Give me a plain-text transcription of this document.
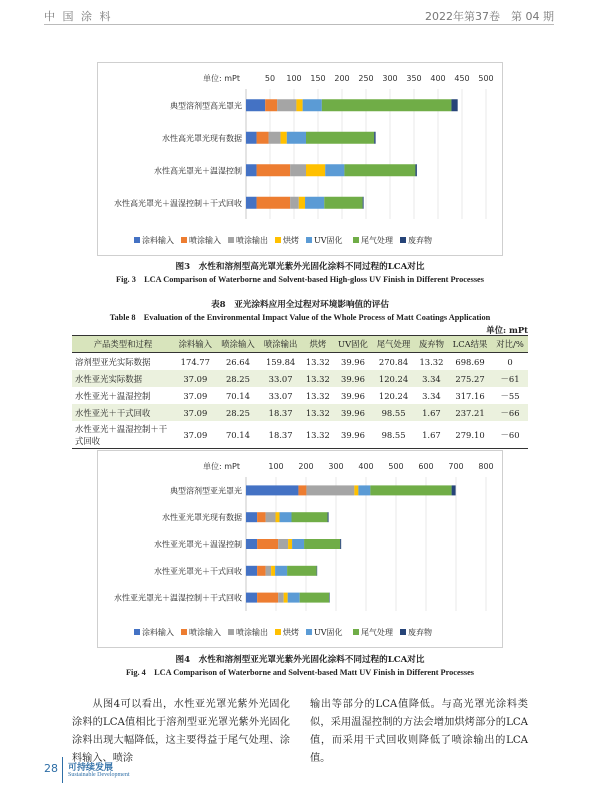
中 国 涂 料	2022年第37卷　第 04 期
单位: mPt	50 100 150 200 250 300 350 400 450 500
典型溶剂型高光罩光
水性高光罩光现有数据
水性高光罩光＋温湿控制
水性高光罩光＋温湿控制＋干式回收
涂料输入 喷涂输入 喷涂输出 烘烤 UV固化 尾气处理 废弃物
图3　水性和溶剂型高光罩光紫外光固化涂料不同过程的LCA对比
Fig. 3　LCA Comparison of Waterborne and Solvent-based High-gloss UV Finish in Different Processes
表8　亚光涂料应用全过程对环境影响值的评估
Table 8　Evaluation of the Environmental Impact Value of the Whole Process of Matt Coatings Application
单位: mPt
产品类型和过程	涂料输入	喷涂输入	喷涂输出	烘烤	UV固化	尾气处理	废弃物	LCA结果	对比/%
溶剂型亚光实际数据	174.77	26.64	159.84	13.32	39.96	270.84	13.32	698.69	0
水性亚光实际数据	37.09	28.25	33.07	13.32	39.96	120.24	3.34	275.27	－61
水性亚光＋温湿控制	37.09	70.14	33.07	13.32	39.96	120.24	3.34	317.16	－55
水性亚光＋干式回收	37.09	28.25	18.37	13.32	39.96	98.55	1.67	237.21	－66
水性亚光＋温湿控制＋干式回收	37.09	70.14	18.37	13.32	39.96	98.55	1.67	279.10	－60
单位: mPt	100 200 300 400 500 600 700 800
典型溶剂型亚光罩光
水性亚光罩光现有数据
水性亚光罩光＋温湿控制
水性亚光罩光＋干式回收
水性亚光罩光＋温湿控制＋干式回收
涂料输入 喷涂输入 喷涂输出 烘烤 UV固化 尾气处理 废弃物
图4　水性和溶剂型亚光罩光紫外光固化涂料不同过程的LCA对比
Fig. 4　LCA Comparison of Waterborne and Solvent-based Matt UV Finish in Different Processes
从图4可以看出，水性亚光罩光紫外光固化涂料的LCA值相比于溶剂型亚光罩光紫外光固化涂料出现大幅降低，这主要得益于尾气处理、涂料输入、喷涂
输出等部分的LCA值降低。与高光罩光涂料类似，采用温湿控制的方法会增加烘烤部分的LCA值，而采用干式回收则降低了喷涂输出的LCA值。
28 可持续发展
Sustainable Development
